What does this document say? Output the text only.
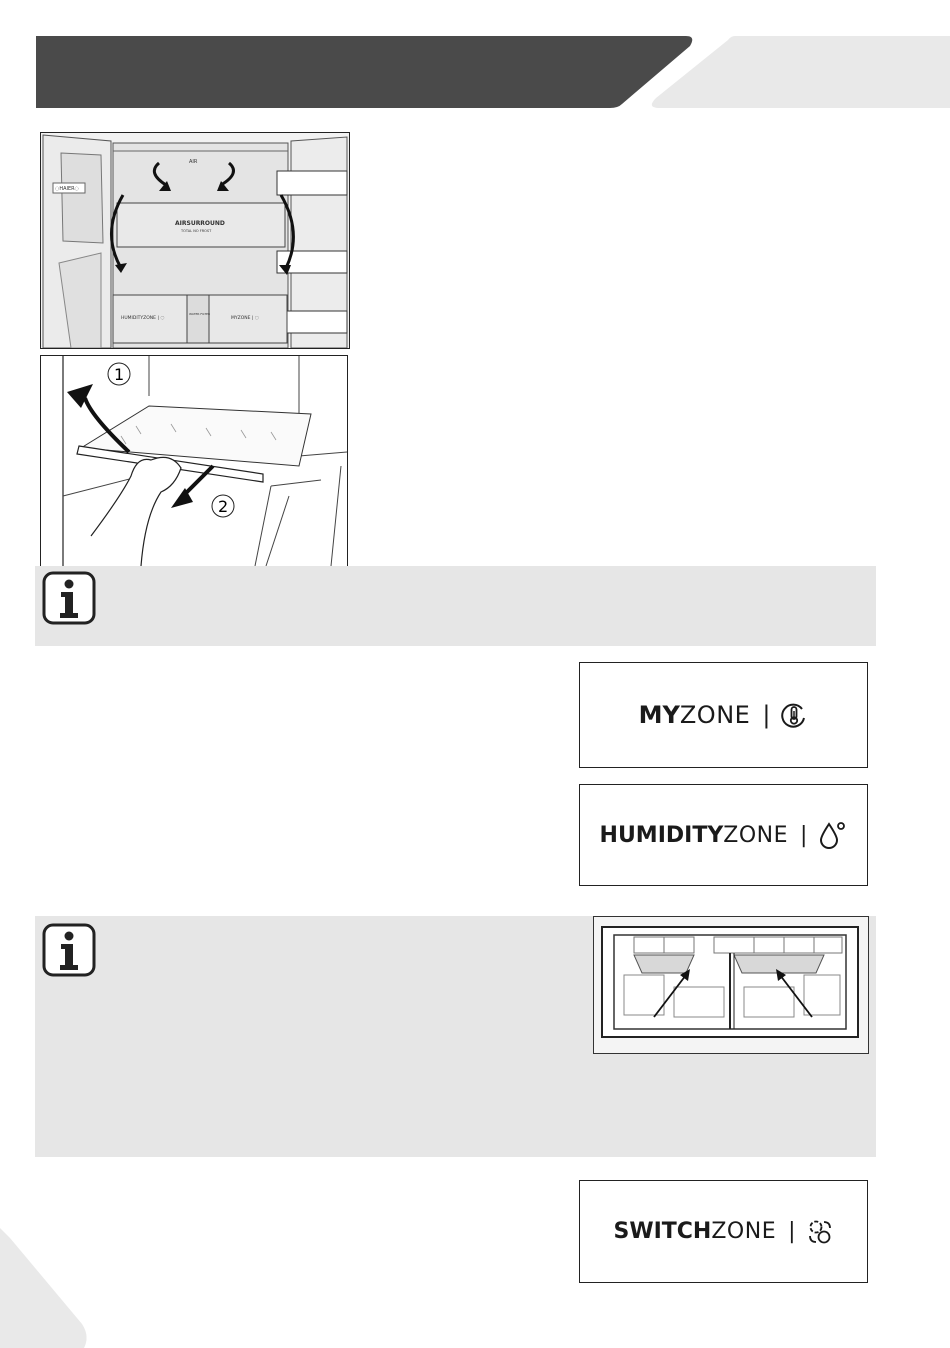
◌HAIER◌
AIR
AIRSURROUND
TOTAL NO FROST
HUMIDITYZONE | ◌
WATER FILTER
MYZONE | ◌
1
2
MY ZONE |
HUMIDITY ZONE |
SWITCH ZONE |
